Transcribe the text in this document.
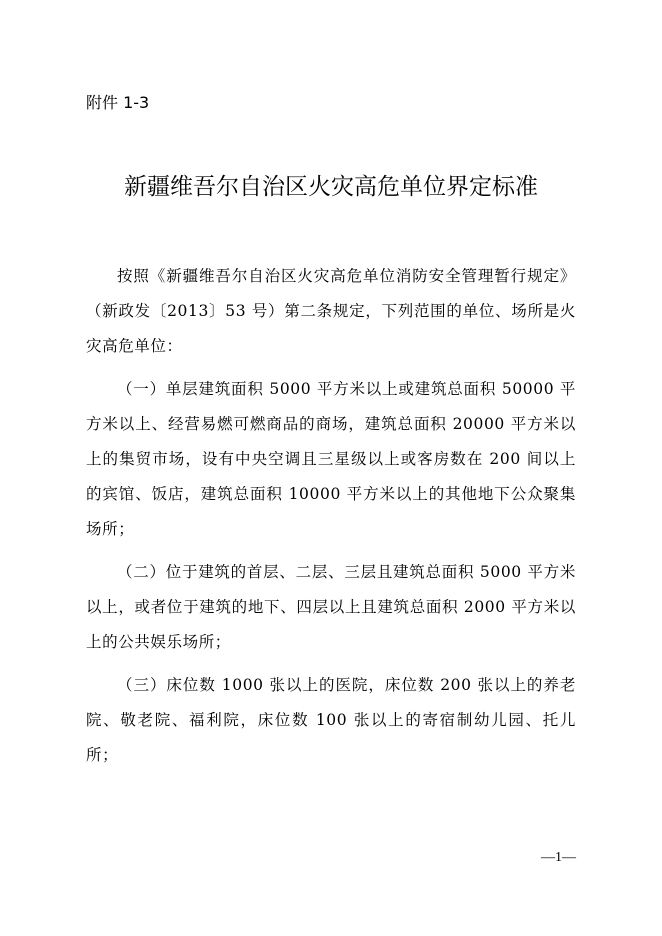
附件 1-3
新疆维吾尔自治区火灾高危单位界定标准

按照《新疆维吾尔自治区火灾高危单位消防安全管理暂行规定》（新政发〔2013〕53 号）第二条规定，下列范围的单位、场所是火灾高危单位：

（一）单层建筑面积 5000 平方米以上或建筑总面积 50000 平方米以上、经营易燃可燃商品的商场，建筑总面积 20000 平方米以上的集贸市场，设有中央空调且三星级以上或客房数在 200 间以上的宾馆、饭店，建筑总面积 10000 平方米以上的其他地下公众聚集场所；

（二）位于建筑的首层、二层、三层且建筑总面积 5000 平方米以上，或者位于建筑的地下、四层以上且建筑总面积 2000 平方米以上的公共娱乐场所；

（三）床位数 1000 张以上的医院，床位数 200 张以上的养老院、敬老院、福利院，床位数 100 张以上的寄宿制幼儿园、托儿所；

—1—
